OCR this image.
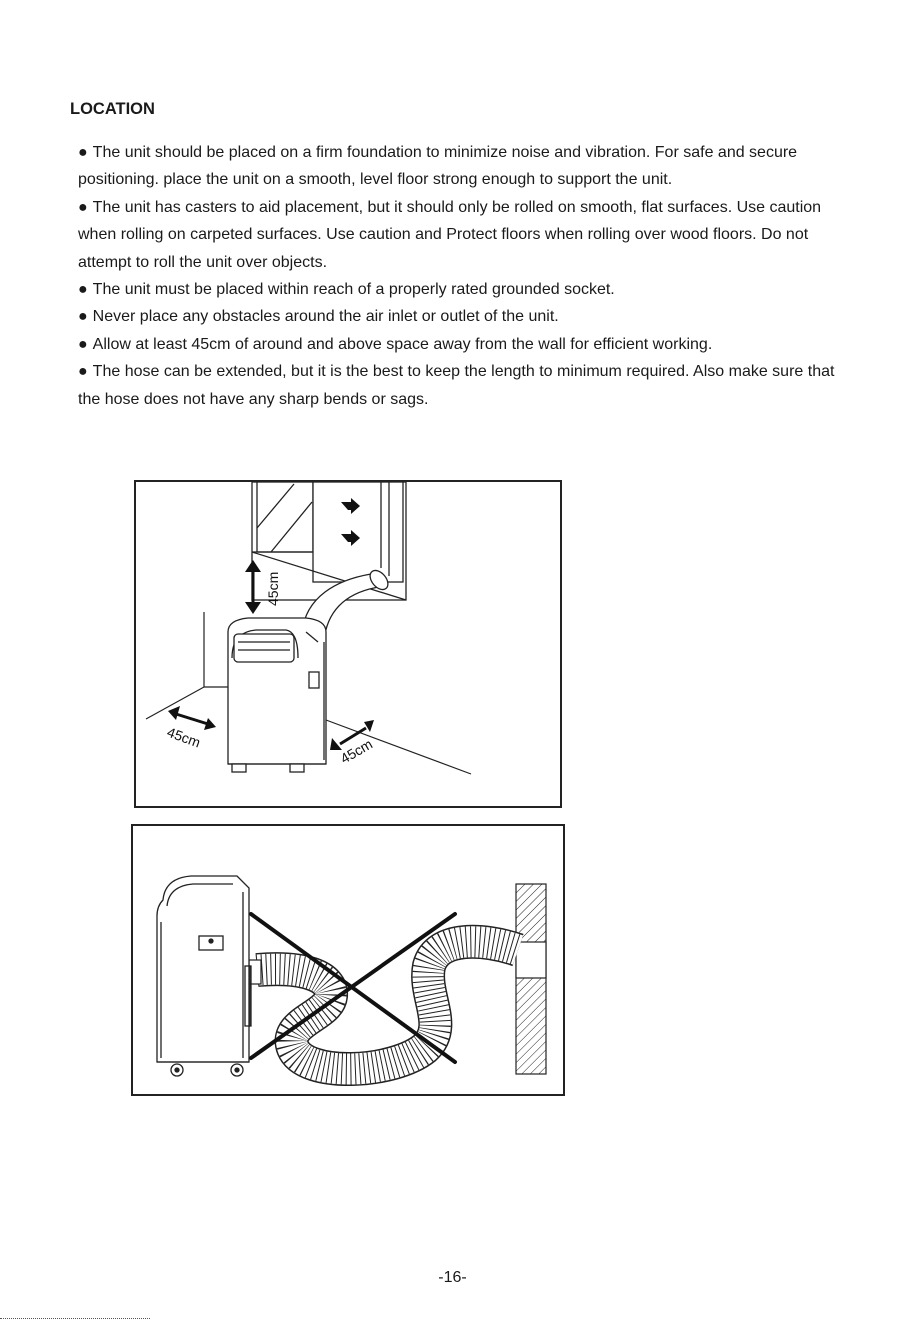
LOCATION

● The unit should be placed on a firm foundation to minimize noise and vibration. For safe and secure positioning. place the unit on a smooth, level floor strong enough to support the unit.

● The unit has casters to aid placement, but it should only be rolled on smooth, flat surfaces. Use caution when rolling on carpeted surfaces. Use caution and Protect floors when rolling over wood floors. Do not attempt to roll the unit over objects.

● The unit must be placed within reach of a properly rated grounded socket.

● Never place any obstacles around the air inlet or outlet of the unit.

● Allow at least 45cm of around and above space away from the wall for efficient working.

● The hose can be extended, but it is the best to keep the length to minimum required. Also make sure that the hose does not have any sharp bends or sags.

45cm
45cm	45cm

-16-
